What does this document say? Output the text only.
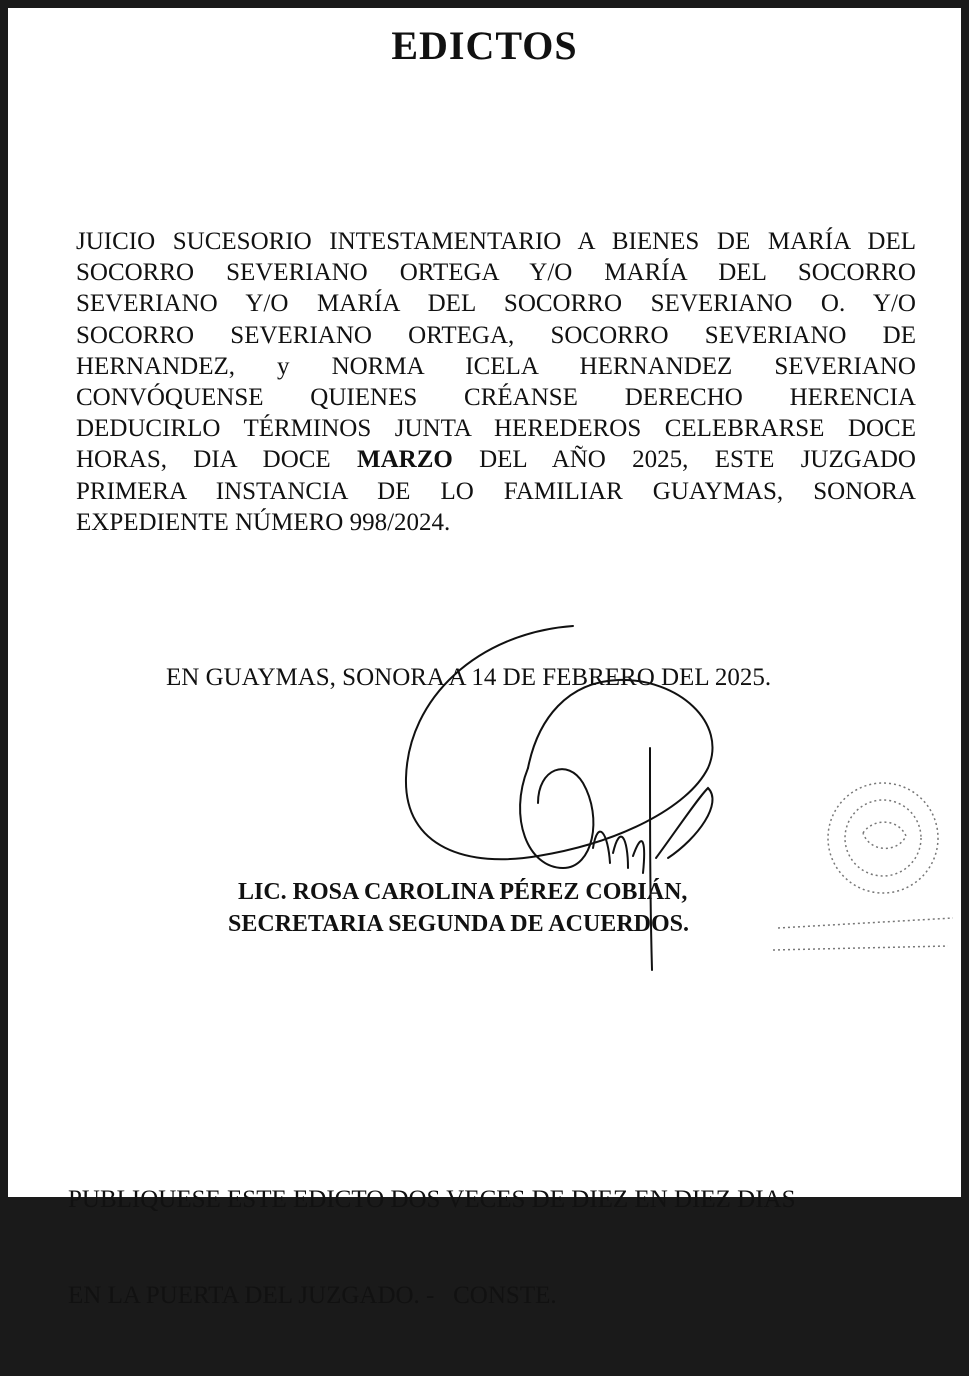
EDICTOS

JUICIO SUCESORIO INTESTAMENTARIO A BIENES DE MARÍA DEL
SOCORRO SEVERIANO ORTEGA Y/O MARÍA DEL SOCORRO
SEVERIANO Y/O MARÍA DEL SOCORRO SEVERIANO O. Y/O
SOCORRO SEVERIANO ORTEGA, SOCORRO SEVERIANO DE
HERNANDEZ, y NORMA ICELA HERNANDEZ SEVERIANO
CONVÓQUENSE QUIENES CRÉANSE DERECHO HERENCIA
DEDUCIRLO TÉRMINOS JUNTA HEREDEROS CELEBRARSE DOCE
HORAS, DIA DOCE MARZO DEL AÑO 2025, ESTE JUZGADO
PRIMERA INSTANCIA DE LO FAMILIAR GUAYMAS, SONORA
EXPEDIENTE NÚMERO 998/2024.

EN GUAYMAS, SONORA A 14 DE FEBRERO DEL 2025.

LIC. ROSA CAROLINA PÉREZ COBIÁN,
SECRETARIA SEGUNDA DE ACUERDOS.

PUBLIQUESE ESTE EDICTO DOS VECES DE DIEZ EN DIEZ DIAS

EN LA PUERTA DEL JUZGADO. -   CONSTE.
